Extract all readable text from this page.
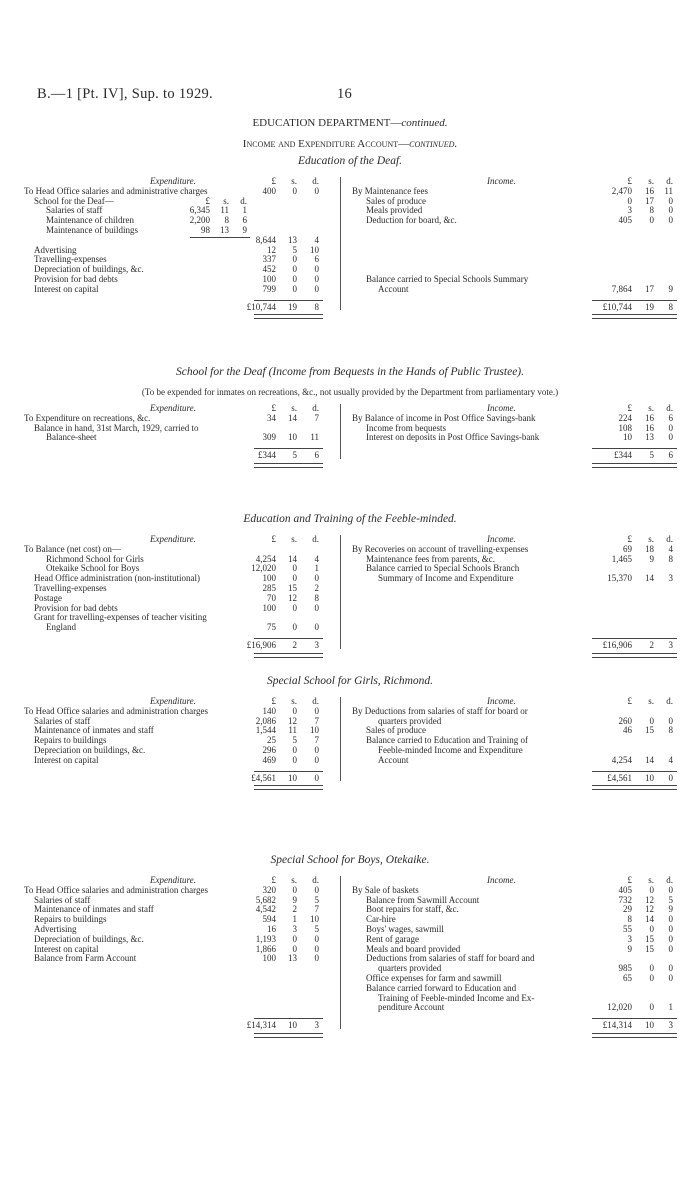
B.—1 [Pt. IV], Sup. to 1929.	16
EDUCATION DEPARTMENT—continued.
Income and Expenditure Account—continued.
Education of the Deaf.
Expenditure.	Income.
£	s.	d.	£	s.	d.
To Head Office salaries and administrative charges	400	0	0
School for the Deaf—	£	s.	d.
Salaries of staff	6,345	11	1
Maintenance of children	2,200	8	6
Maintenance of buildings	98	13	9
8,644	13	4
Advertising	12	5	10
Travelling-expenses	337	0	6
Depreciation of buildings, &c.	452	0	0
Provision for bad debts	100	0	0
Interest on capital	799	0	0
By Maintenance fees	2,470	16	11
Sales of produce	0	17	0
Meals provided	3	8	0
Deduction for board, &c.	405	0	0
Balance carried to Special Schools Summary
Account	7,864	17	9
£10,744	19	8	£10,744	19	8
School for the Deaf (Income from Bequests in the Hands of Public Trustee).
(To be expended for inmates on recreations, &c., not usually provided by the Department from parliamentary vote.)
Expenditure.	Income.
£	s.	d.	£	s.	d.
To Expenditure on recreations, &c.	34	14	7
Balance in hand, 31st March, 1929, carried to
Balance-sheet	309	10	11
By Balance of income in Post Office Savings-bank	224	16	6
Income from bequests	108	16	0
Interest on deposits in Post Office Savings-bank	10	13	0
£344	5	6	£344	5	6
Education and Training of the Feeble-minded.
Expenditure.	Income.
£	s.	d.	£	s.	d.
To Balance (net cost) on—
Richmond School for Girls	4,254	14	4
Otekaike School for Boys	12,020	0	1
Head Office administration (non-institutional)	100	0	0
Travelling-expenses	285	15	2
Postage	70	12	8
Provision for bad debts	100	0	0
Grant for travelling-expenses of teacher visiting
England	75	0	0
By Recoveries on account of travelling-expenses	69	18	4
Maintenance fees from parents, &c.	1,465	9	8
Balance carried to Special Schools Branch
Summary of Income and Expenditure	15,370	14	3
£16,906	2	3	£16,906	2	3
Special School for Girls, Richmond.
Expenditure.	Income.
£	s.	d.	£	s.	d.
To Head Office salaries and administration charges	140	0	0
Salaries of staff	2,086	12	7
Maintenance of inmates and staff	1,544	11	10
Repairs to buildings	25	5	7
Depreciation on buildings, &c.	296	0	0
Interest on capital	469	0	0
By Deductions from salaries of staff for board or
quarters provided	260	0	0
Sales of produce	46	15	8
Balance carried to Education and Training of
Feeble-minded Income and Expenditure
Account	4,254	14	4
£4,561	10	0	£4,561	10	0
Special School for Boys, Otekaike.
Expenditure.	Income.
£	s.	d.	£	s.	d.
To Head Office salaries and administration charges	320	0	0
Salaries of staff	5,682	9	5
Maintenance of inmates and staff	4,542	2	7
Repairs to buildings	594	1	10
Advertising	16	3	5
Depreciation of buildings, &c.	1,193	0	0
Interest on capital	1,866	0	0
Balance from Farm Account	100	13	0
By Sale of baskets	405	0	0
Balance from Sawmill Account	732	12	5
Boot repairs for staff, &c.	29	12	9
Car-hire	8	14	0
Boys' wages, sawmill	55	0	0
Rent of garage	3	15	0
Meals and board provided	9	15	0
Deductions from salaries of staff for board and
quarters provided	985	0	0
Office expenses for farm and sawmill	65	0	0
Balance carried forward to Education and
Training of Feeble-minded Income and Ex-
penditure Account	12,020	0	1
£14,314	10	3	£14,314	10	3
